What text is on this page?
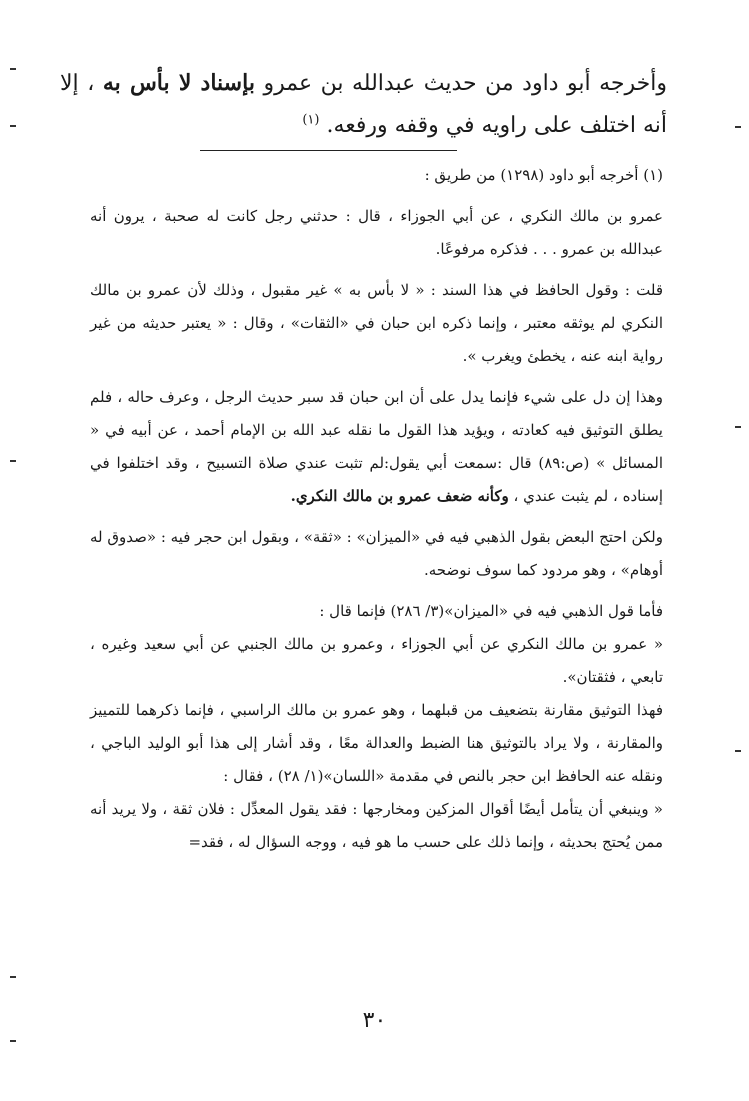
وأخرجه أبو داود من حديث عبدالله بن عمرو بإسناد لا بأس به ، إلا أنه اختلف على راويه في وقفه ورفعه. $^{(١)}$

(١) أخرجه أبو داود (١٢٩٨) من طريق :

عمرو بن مالك النكري ، عن أبي الجوزاء ، قال : حدثني رجل كانت له صحبة ، يرون أنه عبدالله بن عمرو . . . فذكره مرفوعًا.

قلت : وقول الحافظ في هذا السند : « لا بأس به » غير مقبول ، وذلك لأن عمرو بن مالك النكري لم يوثقه معتبر ، وإنما ذكره ابن حبان في «الثقات» ، وقال : « يعتبر حديثه من غير رواية ابنه عنه ، يخطئ ويغرب ».

وهذا إن دل على شيء فإنما يدل على أن ابن حبان قد سبر حديث الرجل ، وعرف حاله ، فلم يطلق التوثيق فيه كعادته ، ويؤيد هذا القول ما نقله عبد الله بن الإمام أحمد ، عن أبيه في « المسائل » (ص:٨٩) قال :سمعت أبي يقول:لم تثبت عندي صلاة التسبيح ، وقد اختلفوا في إسناده ، لم يثبت عندي ، وكأنه ضعف عمرو بن مالك النكري.

ولكن احتج البعض بقول الذهبي فيه في «الميزان» : «ثقة» ، وبقول ابن حجر فيه : «صدوق له أوهام» ، وهو مردود كما سوف نوضحه.

فأما قول الذهبي فيه في «الميزان»(٣/ ٢٨٦) فإنما قال :

« عمرو بن مالك النكري عن أبي الجوزاء ، وعمرو بن مالك الجنبي عن أبي سعيد وغيره ، تابعي ، فثقتان».

فهذا التوثيق مقارنة بتضعيف من قبلهما ، وهو عمرو بن مالك الراسبي ، فإنما ذكرهما للتمييز والمقارنة ، ولا يراد بالتوثيق هنا الضبط والعدالة معًا ، وقد أشار إلى هذا أبو الوليد الباجي ، ونقله عنه الحافظ ابن حجر بالنص في مقدمة «اللسان»(١/ ٢٨) ، فقال :

« وينبغي أن يتأمل أيضًا أقوال المزكين ومخارجها : فقد يقول المعدِّل : فلان ثقة ، ولا يريد أنه ممن يُحتج بحديثه ، وإنما ذلك على حسب ما هو فيه ، ووجه السؤال له ، فقد=

٣٠
